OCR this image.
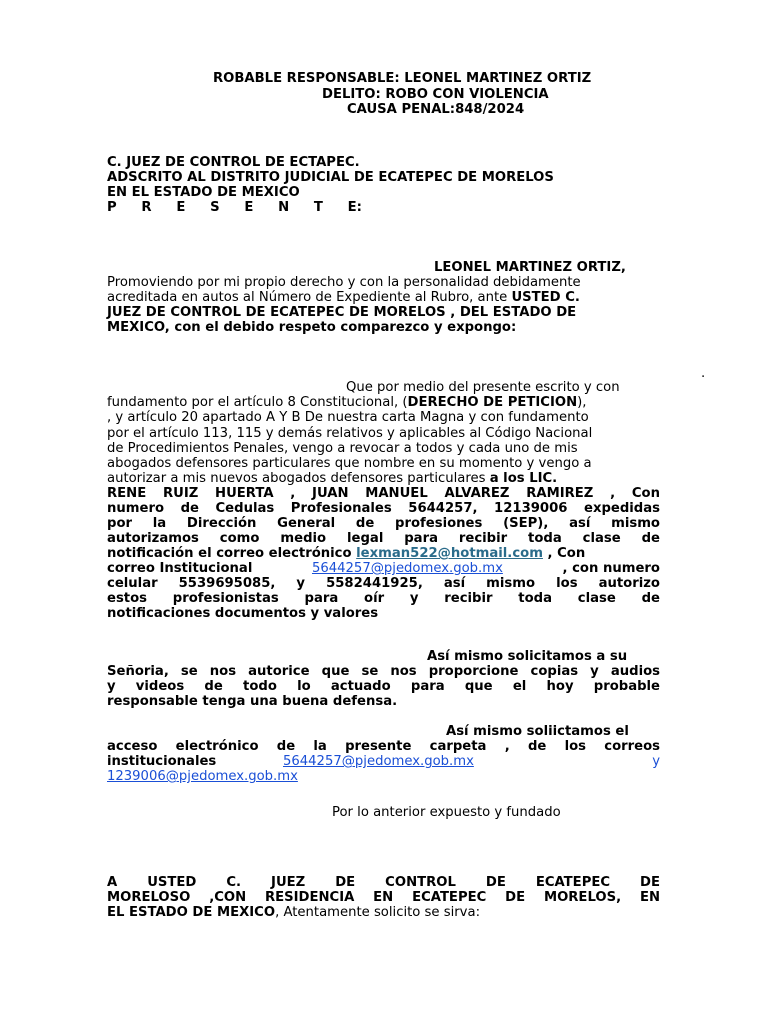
ROBABLE RESPONSABLE: LEONEL MARTINEZ ORTIZ
DELITO: ROBO CON VIOLENCIA
CAUSA PENAL:848/2024
C. JUEZ DE CONTROL DE ECTAPEC.
ADSCRITO AL DISTRITO JUDICIAL DE ECATEPEC DE MORELOS
EN EL ESTADO DE MEXICO
P R E S E N T E:
LEONEL MARTINEZ ORTIZ,
Promoviendo por mi propio derecho y con la personalidad debidamente
acreditada en autos al Número de Expediente al Rubro, ante USTED C.
JUEZ DE CONTROL DE ECATEPEC DE MORELOS , DEL ESTADO DE
MEXICO, con el debido respeto comparezco y expongo:
.
Que por medio del presente escrito y con
fundamento por el artículo 8 Constitucional, (DERECHO DE PETICION),
, y artículo 20 apartado A Y B De nuestra carta Magna y con fundamento
por el artículo 113, 115 y demás relativos y aplicables al Código Nacional
de Procedimientos Penales, vengo a revocar a todos y cada uno de mis
abogados defensores particulares que nombre en su momento y vengo a
autorizar a mis nuevos abogados defensores particulares a los LIC.
RENE RUIZ HUERTA , JUAN MANUEL ALVAREZ RAMIREZ , Con
numero de Cedulas Profesionales 5644257, 12139006 expedidas
por la Dirección General de profesiones (SEP), así mismo
autorizamos como medio legal para recibir toda clase de
notificación el correo electrónico lexman522@hotmail.com , Con
correo Institucional	5644257@pjedomex.gob.mx	, con numero
celular 5539695085, y 5582441925, así mismo los autorizo
estos profesionistas para oír y recibir toda clase de
notificaciones documentos y valores
Así mismo solicitamos a su
Señoria, se nos autorice que se nos proporcione copias y audios
y videos de todo lo actuado para que el hoy probable
responsable tenga una buena defensa.
Así mismo soliictamos el
acceso electrónico de la presente carpeta , de los correos
institucionales	5644257@pjedomex.gob.mx	y
1239006@pjedomex.gob.mx
Por lo anterior expuesto y fundado
A USTED C. JUEZ DE CONTROL DE ECATEPEC DE
MORELOSO ,CON RESIDENCIA EN ECATEPEC DE MORELOS, EN
EL ESTADO DE MEXICO, Atentamente solicito se sirva:
